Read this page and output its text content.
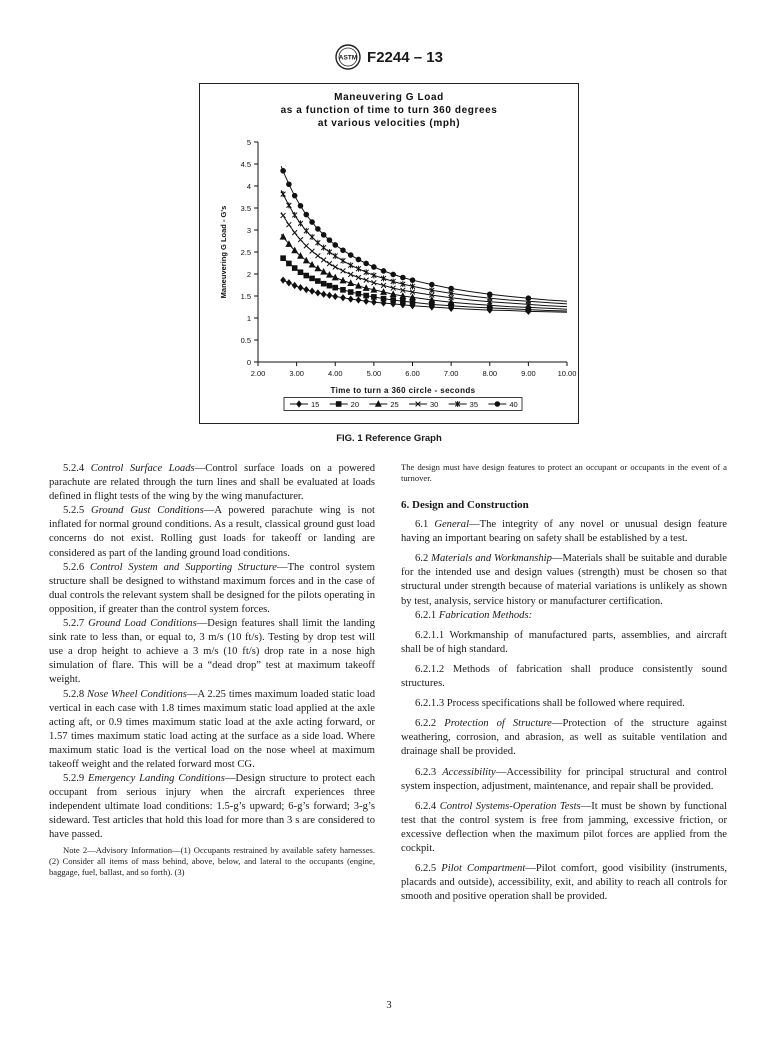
ASTM F2244 – 13
Maneuvering G Load
as a function of time to turn 360 degrees
at various velocities (mph)
Maneuvering G Load - G's
Time to turn a 360 circle - seconds
0
0.5
1
1.5
2
2.5
3
3.5
4
4.5
5
2.00	3.00	4.00	5.00	6.00	7.00	8.00	9.00	10.00
15	20	25	30	35	40
FIG. 1 Reference Graph

5.2.4 Control Surface Loads—Control surface loads on a powered parachute are related through the turn lines and shall be evaluated at loads defined in flight tests of the wing by the wing manufacturer.

5.2.5 Ground Gust Conditions—A powered parachute wing is not inflated for normal ground conditions. As a result, classical ground gust load concerns do not exist. Rolling gust loads for takeoff or landing are considered as part of the landing ground load conditions.

5.2.6 Control System and Supporting Structure—The control system structure shall be designed to withstand maximum forces and in the case of dual controls the relevant system shall be designed for the pilots operating in opposition, if greater than the control system forces.

5.2.7 Ground Load Conditions—Design features shall limit the landing sink rate to less than, or equal to, 3 m/s (10 ft/s). Testing by drop test will use a drop height to achieve a 3 m/s (10 ft/s) drop rate in a nose high simulation of flare. This will be a “dead drop” test at maximum takeoff weight.

5.2.8 Nose Wheel Conditions—A 2.25 times maximum loaded static load vertical in each case with 1.8 times maximum static load applied at the axle acting aft, or 0.9 times maximum static load at the axle acting forward, or 1.57 times maximum static load acting at the surface as a side load. Where maximum static load is the vertical load on the nose wheel at maximum takeoff weight and the related forward most CG.

5.2.9 Emergency Landing Conditions—Design structure to protect each occupant from serious injury when the aircraft experiences three independent ultimate load conditions: 1.5-g’s upward; 6-g’s forward; 3-g’s sideward. Test articles that hold this load for more than 3 s are considered to have passed.

Note 2—Advisory Information—(1) Occupants restrained by available safety harnesses. (2) Consider all items of mass behind, above, below, and lateral to the occupants (engine, baggage, fuel, ballast, and so forth). (3)

The design must have design features to protect an occupant or occupants in the event of a turnover.

6. Design and Construction

6.1 General—The integrity of any novel or unusual design feature having an important bearing on safety shall be established by a test.

6.2 Materials and Workmanship—Materials shall be suitable and durable for the intended use and design values (strength) must be chosen so that structural under strength because of material variations is unlikely as shown by test, analysis, service history or manufacturer certification.

6.2.1 Fabrication Methods:

6.2.1.1 Workmanship of manufactured parts, assemblies, and aircraft shall be of high standard.

6.2.1.2 Methods of fabrication shall produce consistently sound structures.

6.2.1.3 Process specifications shall be followed where required.

6.2.2 Protection of Structure—Protection of the structure against weathering, corrosion, and abrasion, as well as suitable ventilation and drainage shall be provided.

6.2.3 Accessibility—Accessibility for principal structural and control system inspection, adjustment, maintenance, and repair shall be provided.

6.2.4 Control Systems-Operation Tests—It must be shown by functional test that the control system is free from jamming, excessive friction, or excessive deflection when the maximum pilot forces are applied from the cockpit.

6.2.5 Pilot Compartment—Pilot comfort, good visibility (instruments, placards and outside), accessibility, exit, and ability to reach all controls for smooth and positive operation shall be provided.

3
